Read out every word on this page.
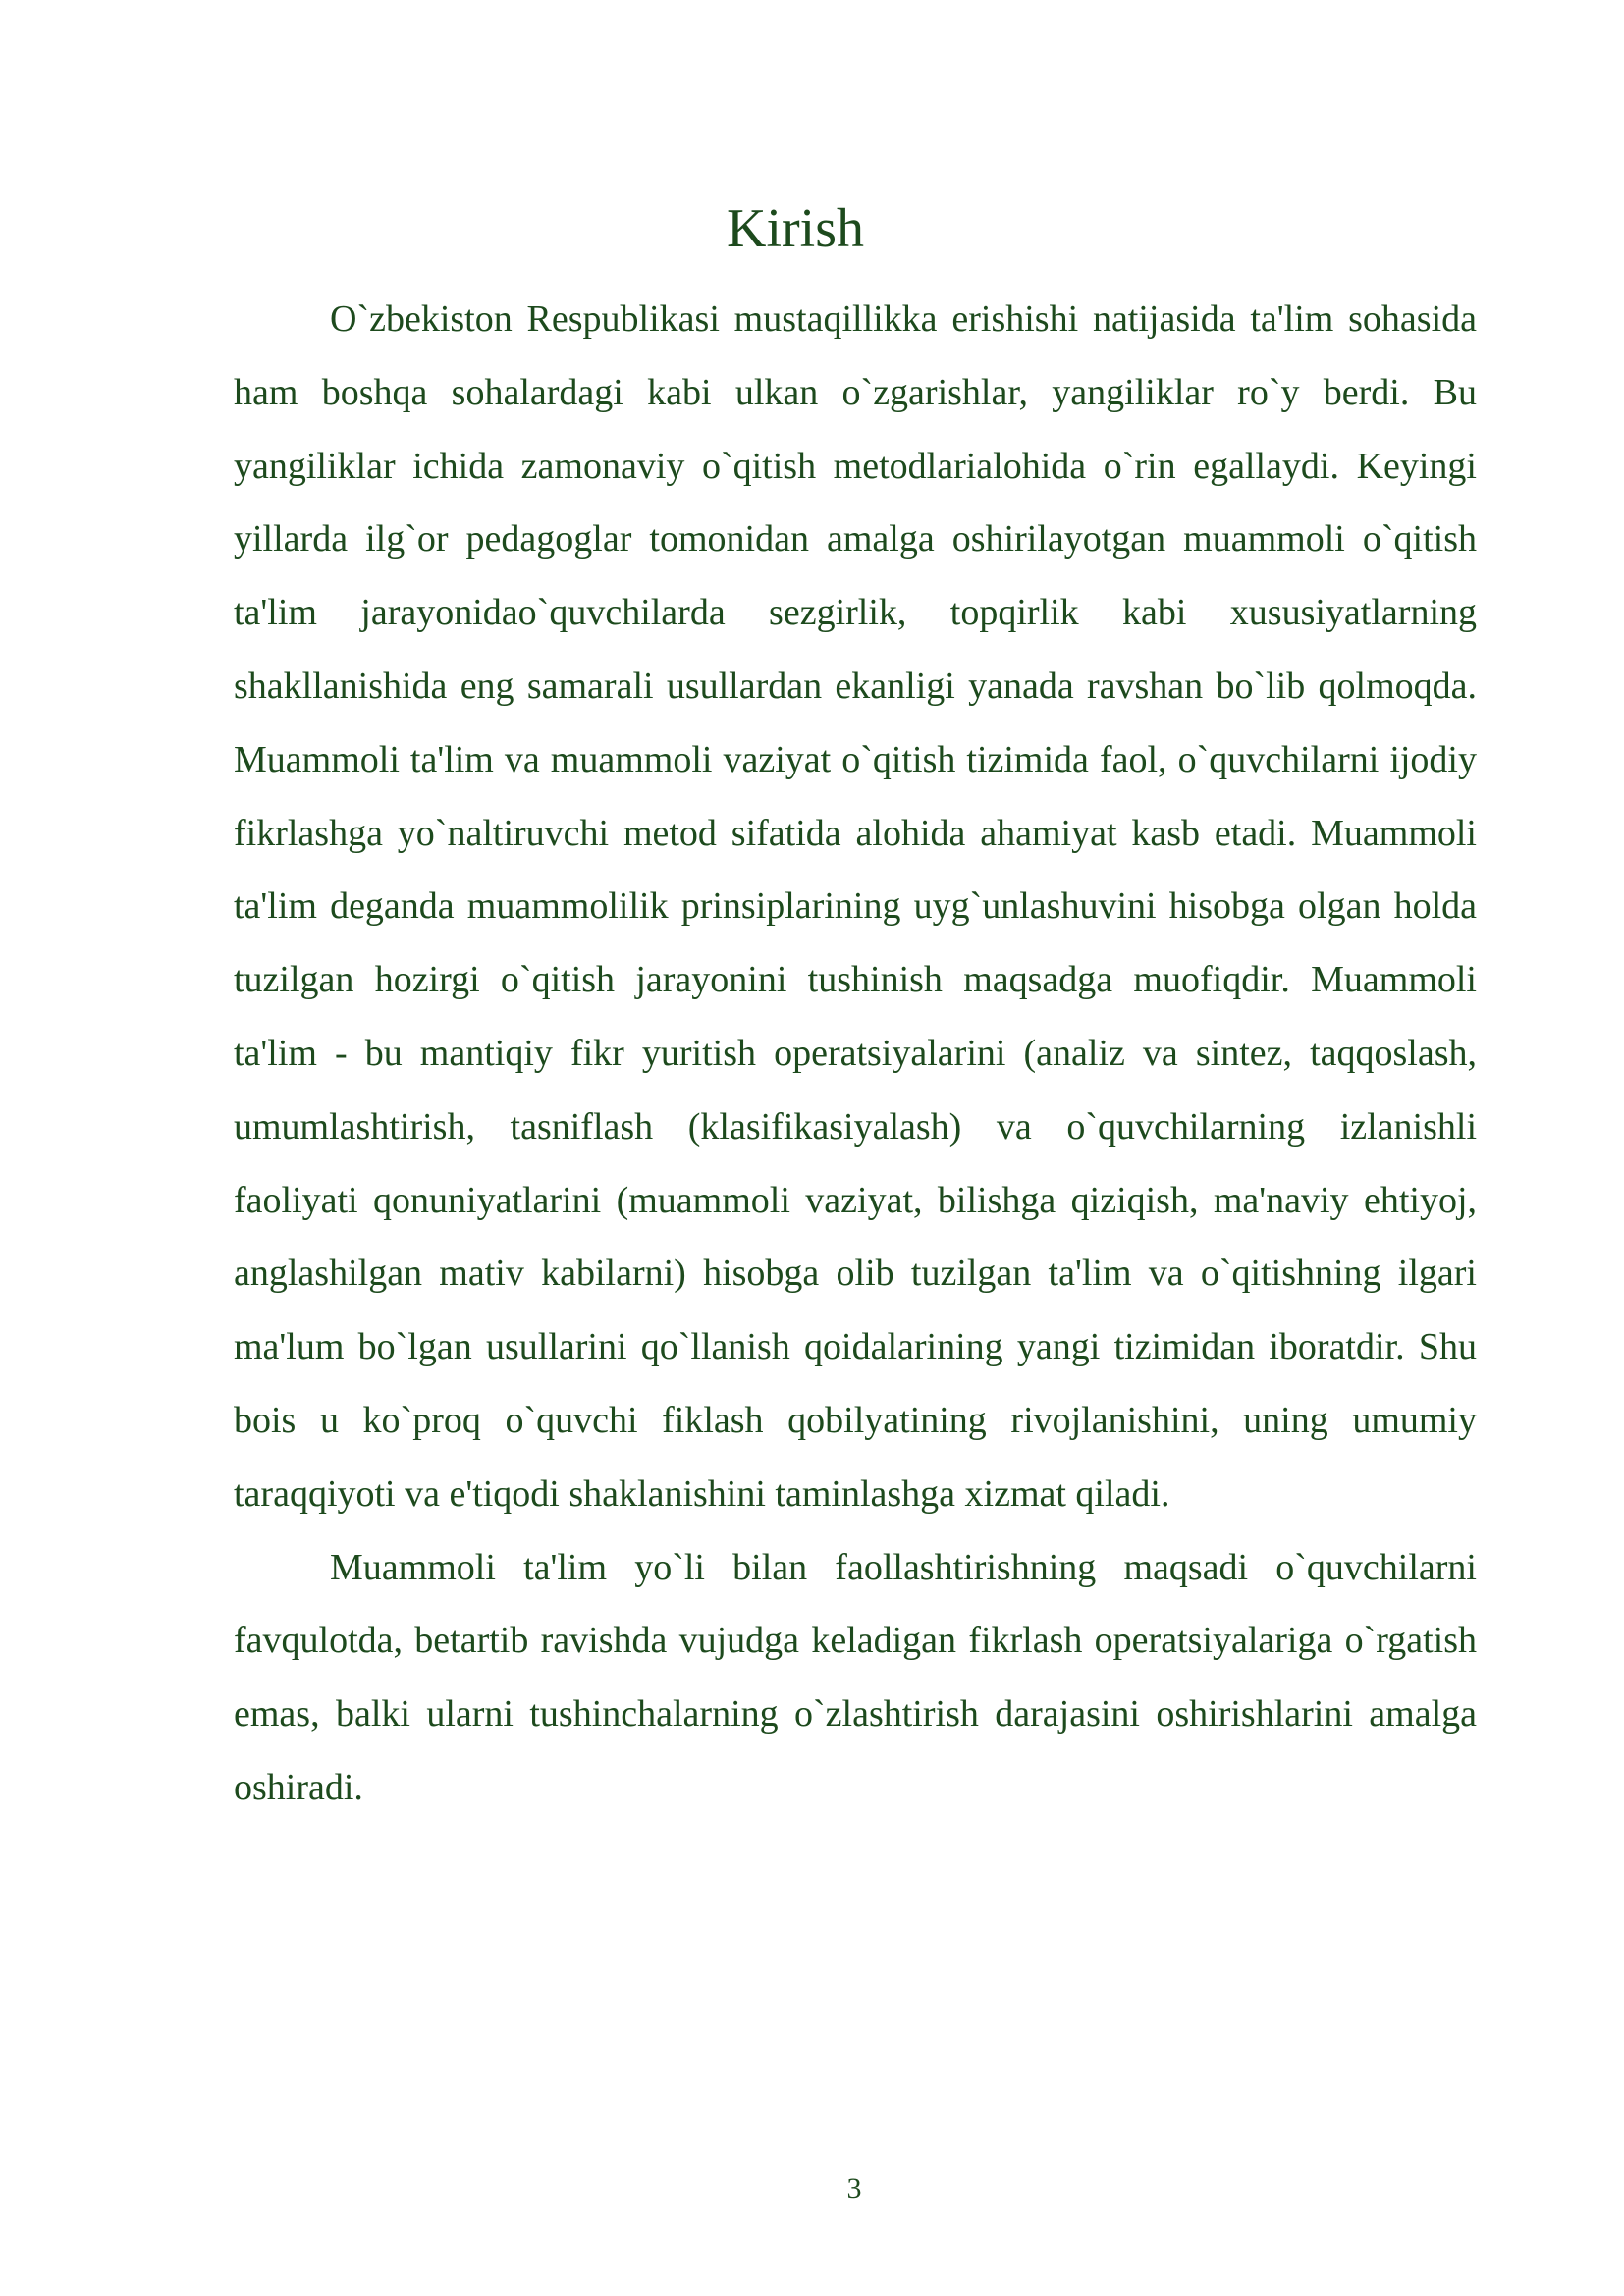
Kirish

O`zbekiston Respublikasi mustaqillikka erishishi natijasida ta'lim sohasida ham boshqa sohalardagi kabi ulkan o`zgarishlar, yangiliklar ro`y berdi. Bu yangiliklar ichida zamonaviy o`qitish metodlarialohida o`rin egallaydi. Keyingi yillarda ilg`or pedagoglar tomonidan amalga oshirilayotgan muammoli o`qitish ta'lim jarayonidao`quvchilarda sezgirlik, topqirlik kabi xususiyatlarning shakllanishida eng samarali usullardan ekanligi yanada ravshan bo`lib qolmoqda. Muammoli ta'lim va muammoli vaziyat o`qitish tizimida faol, o`quvchilarni ijodiy fikrlashga yo`naltiruvchi metod sifatida alohida ahamiyat kasb etadi. Muammoli ta'lim deganda muammolilik prinsiplarining uyg`unlashuvini hisobga olgan holda tuzilgan hozirgi o`qitish jarayonini tushinish maqsadga muofiqdir. Muammoli ta'lim - bu mantiqiy fikr yuritish operatsiyalarini (analiz va sintez, taqqoslash, umumlashtirish, tasniflash (klasifikasiyalash) va o`quvchilarning izlanishli faoliyati qonuniyatlarini (muammoli vaziyat, bilishga qiziqish, ma'naviy ehtiyoj, anglashilgan mativ kabilarni) hisobga olib tuzilgan ta'lim va o`qitishning ilgari ma'lum bo`lgan usullarini qo`llanish qoidalarining yangi tizimidan iboratdir. Shu bois u ko`proq o`quvchi fiklash qobilyatining rivojlanishini, uning umumiy taraqqiyoti va e'tiqodi shaklanishini taminlashga xizmat qiladi.

Muammoli ta'lim yo`li bilan faollashtirishning maqsadi o`quvchilarni favqulotda, betartib ravishda vujudga keladigan fikrlash operatsiyalariga o`rgatish emas, balki ularni tushinchalarning o`zlashtirish darajasini oshirishlarini amalga oshiradi.

3
